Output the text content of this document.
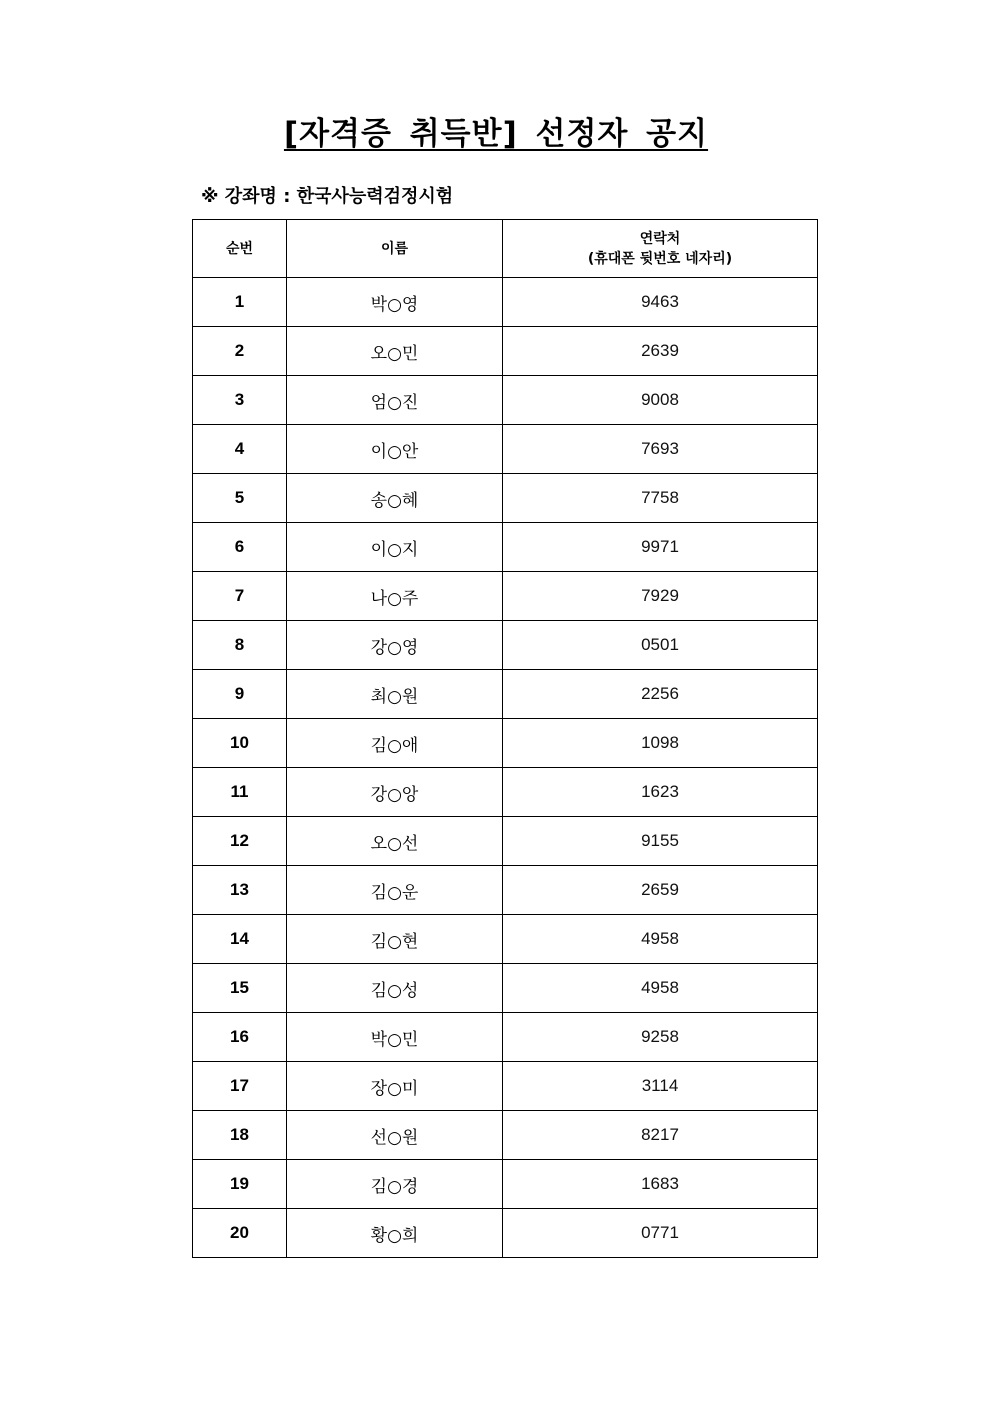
[자격증 취득반] 선정자 공지
※ 강좌명 : 한국사능력검정시험
순번	이름	연락처
(휴대폰 뒷번호 네자리)

1	박○영	9463
2	오○민	2639
3	엄○진	9008
4	이○안	7693
5	송○혜	7758
6	이○지	9971
7	나○주	7929
8	강○영	0501
9	최○원	2256
10	김○애	1098
11	강○앙	1623
12	오○선	9155
13	김○운	2659
14	김○현	4958
15	김○성	4958
16	박○민	9258
17	장○미	3114
18	선○원	8217
19	김○경	1683
20	황○희	0771
